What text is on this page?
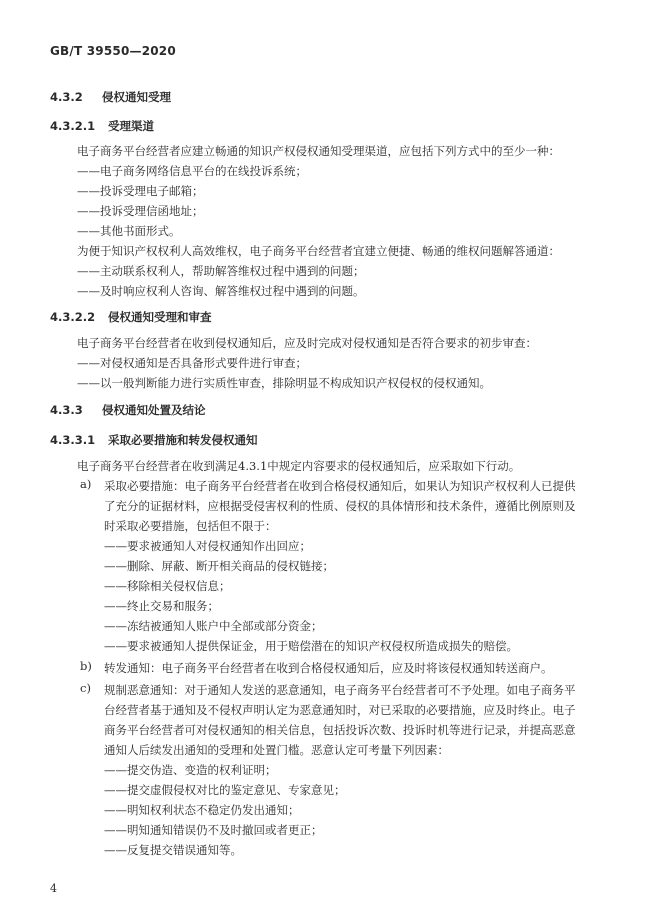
GB/T 39550—2020
4.3.2 侵权通知受理
4.3.2.1 受理渠道
电子商务平台经营者应建立畅通的知识产权侵权通知受理渠道，应包括下列方式中的至少一种：
——电子商务网络信息平台的在线投诉系统；
——投诉受理电子邮箱；
——投诉受理信函地址；
——其他书面形式。
为便于知识产权权利人高效维权，电子商务平台经营者宜建立便捷、畅通的维权问题解答通道：
——主动联系权利人，帮助解答维权过程中遇到的问题；
——及时响应权利人咨询、解答维权过程中遇到的问题。
4.3.2.2 侵权通知受理和审查
电子商务平台经营者在收到侵权通知后，应及时完成对侵权通知是否符合要求的初步审查：
——对侵权通知是否具备形式要件进行审查；
——以一般判断能力进行实质性审查，排除明显不构成知识产权侵权的侵权通知。
4.3.3 侵权通知处置及结论
4.3.3.1 采取必要措施和转发侵权通知
电子商务平台经营者在收到满足4.3.1中规定内容要求的侵权通知后，应采取如下行动。
a) 采取必要措施：电子商务平台经营者在收到合格侵权通知后，如果认为知识产权权利人已提供
了充分的证据材料，应根据受侵害权利的性质、侵权的具体情形和技术条件，遵循比例原则及
时采取必要措施，包括但不限于：
——要求被通知人对侵权通知作出回应；
——删除、屏蔽、断开相关商品的侵权链接；
——移除相关侵权信息；
——终止交易和服务；
——冻结被通知人账户中全部或部分资金；
——要求被通知人提供保证金，用于赔偿潜在的知识产权侵权所造成损失的赔偿。
b) 转发通知：电子商务平台经营者在收到合格侵权通知后，应及时将该侵权通知转送商户。
c) 规制恶意通知：对于通知人发送的恶意通知，电子商务平台经营者可不予处理。如电子商务平
台经营者基于通知及不侵权声明认定为恶意通知时，对已采取的必要措施，应及时终止。电子
商务平台经营者可对侵权通知的相关信息，包括投诉次数、投诉时机等进行记录，并提高恶意
通知人后续发出通知的受理和处置门槛。恶意认定可考量下列因素：
——提交伪造、变造的权利证明；
——提交虚假侵权对比的鉴定意见、专家意见；
——明知权利状态不稳定仍发出通知；
——明知通知错误仍不及时撤回或者更正；
——反复提交错误通知等。
4
